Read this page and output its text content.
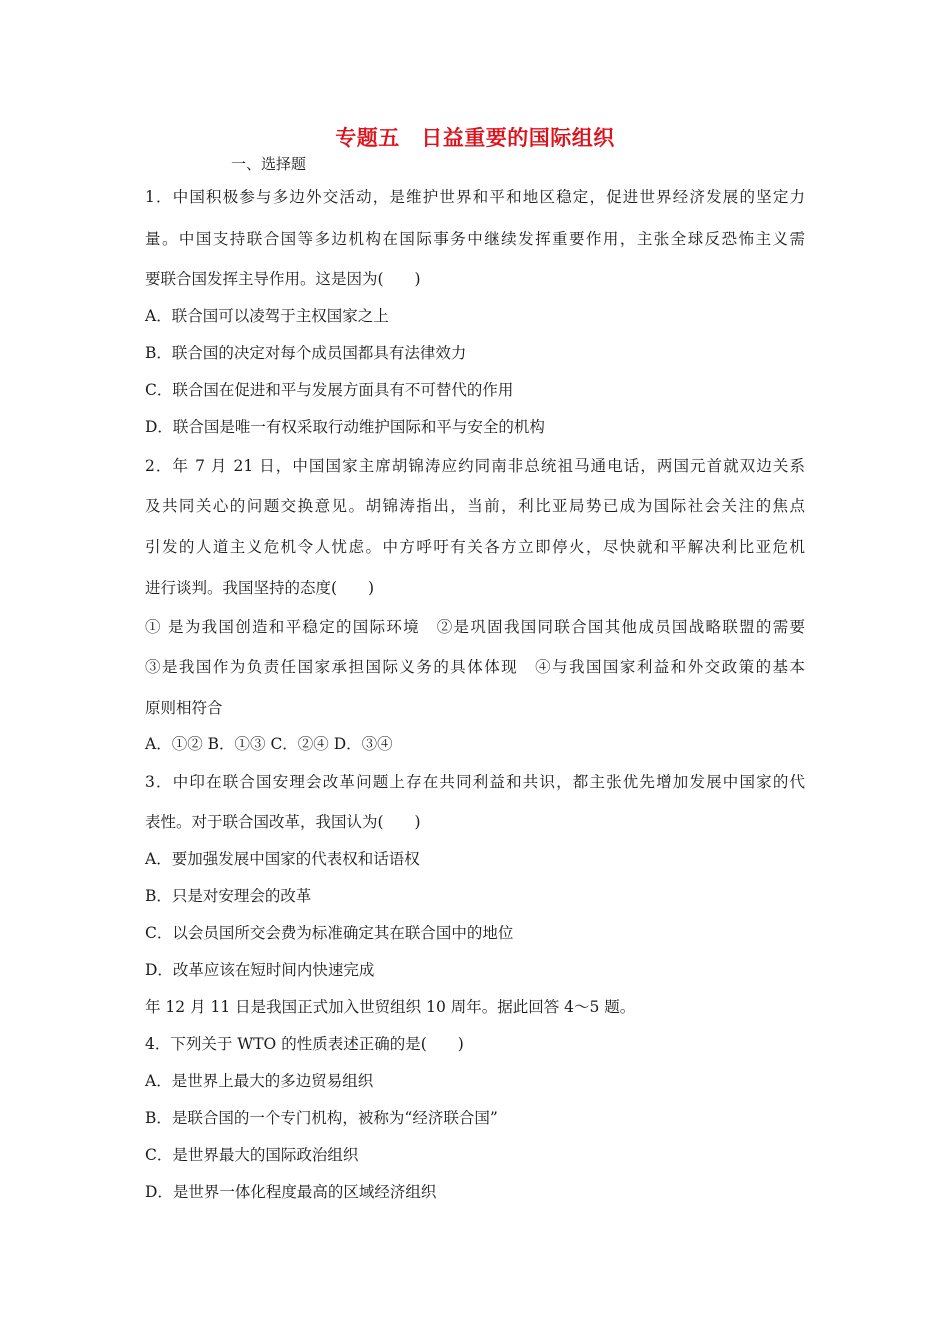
专题五　日益重要的国际组织
一、选择题
1．中国积极参与多边外交活动，是维护世界和平和地区稳定，促进世界经济发展的坚定力
量。中国支持联合国等多边机构在国际事务中继续发挥重要作用，主张全球反恐怖主义需
要联合国发挥主导作用。这是因为(　　)
A．联合国可以凌驾于主权国家之上
B．联合国的决定对每个成员国都具有法律效力
C．联合国在促进和平与发展方面具有不可替代的作用
D．联合国是唯一有权采取行动维护国际和平与安全的机构
2．年 7 月 21 日，中国国家主席胡锦涛应约同南非总统祖马通电话，两国元首就双边关系
及共同关心的问题交换意见。胡锦涛指出，当前，利比亚局势已成为国际社会关注的焦点
引发的人道主义危机令人忧虑。中方呼吁有关各方立即停火，尽快就和平解决利比亚危机
进行谈判。我国坚持的态度(　　)
① 是为我国创造和平稳定的国际环境　②是巩固我国同联合国其他成员国战略联盟的需要
③是我国作为负责任国家承担国际义务的具体体现　④与我国国家利益和外交政策的基本
原则相符合
A．①② B．①③ C．②④ D．③④
3．中印在联合国安理会改革问题上存在共同利益和共识，都主张优先增加发展中国家的代
表性。对于联合国改革，我国认为(　　)
A．要加强发展中国家的代表权和话语权
B．只是对安理会的改革
C．以会员国所交会费为标准确定其在联合国中的地位
D．改革应该在短时间内快速完成
年 12 月 11 日是我国正式加入世贸组织 10 周年。据此回答 4～5 题。
4．下列关于 WTO 的性质表述正确的是(　　)
A．是世界上最大的多边贸易组织
B．是联合国的一个专门机构，被称为“经济联合国”
C．是世界最大的国际政治组织
D．是世界一体化程度最高的区域经济组织
